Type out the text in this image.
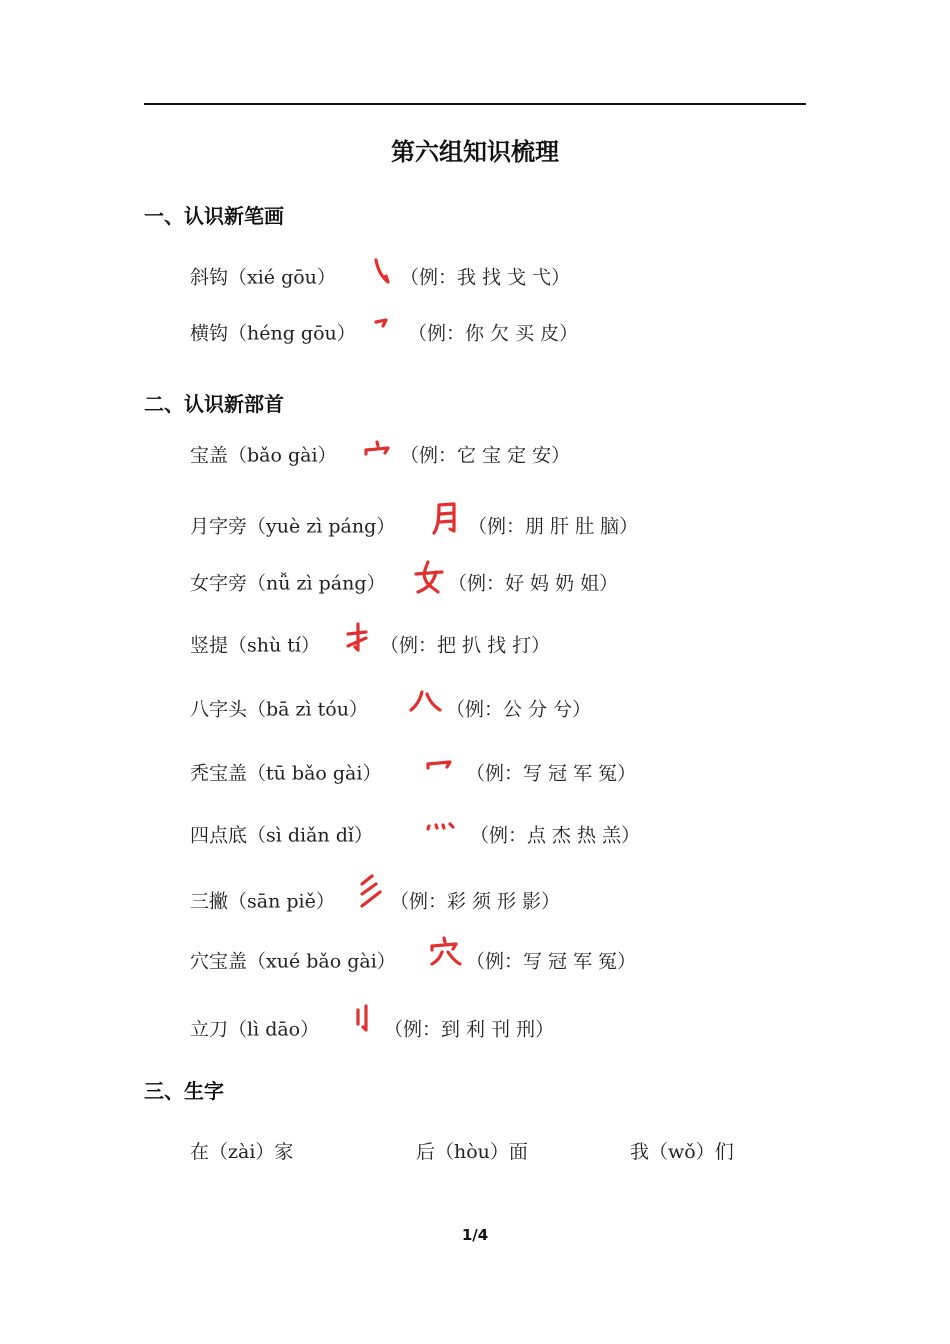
第六组知识梳理
一、认识新笔画
斜钩（xié gōu）	（例：我 找 戈 弋）
横钩（héng gōu）	（例：你 欠 买 皮）
二、认识新部首
宝盖（bǎo gài）	（例：它 宝 定 安）
月字旁（yuè zì páng）	（例：朋 肝 肚 脑）
女字旁（nǚ zì páng）	（例：好 妈 奶 姐）
竖提（shù tí）	（例：把 扒 找 打）
八字头（bā zì tóu）	（例：公 分 兮）
秃宝盖（tū bǎo gài）	（例：写 冠 军 冤）
四点底（sì diǎn dǐ）	（例：点 杰 热 羔）
三撇（sān piě）	（例：彩 须 形 影）
穴宝盖（xué bǎo gài）	（例：写 冠 军 冤）
立刀（lì dāo）	（例：到 利 刊 刑）
三、生字
在（zài）家	后（hòu）面	我（wǒ）们
1/4
